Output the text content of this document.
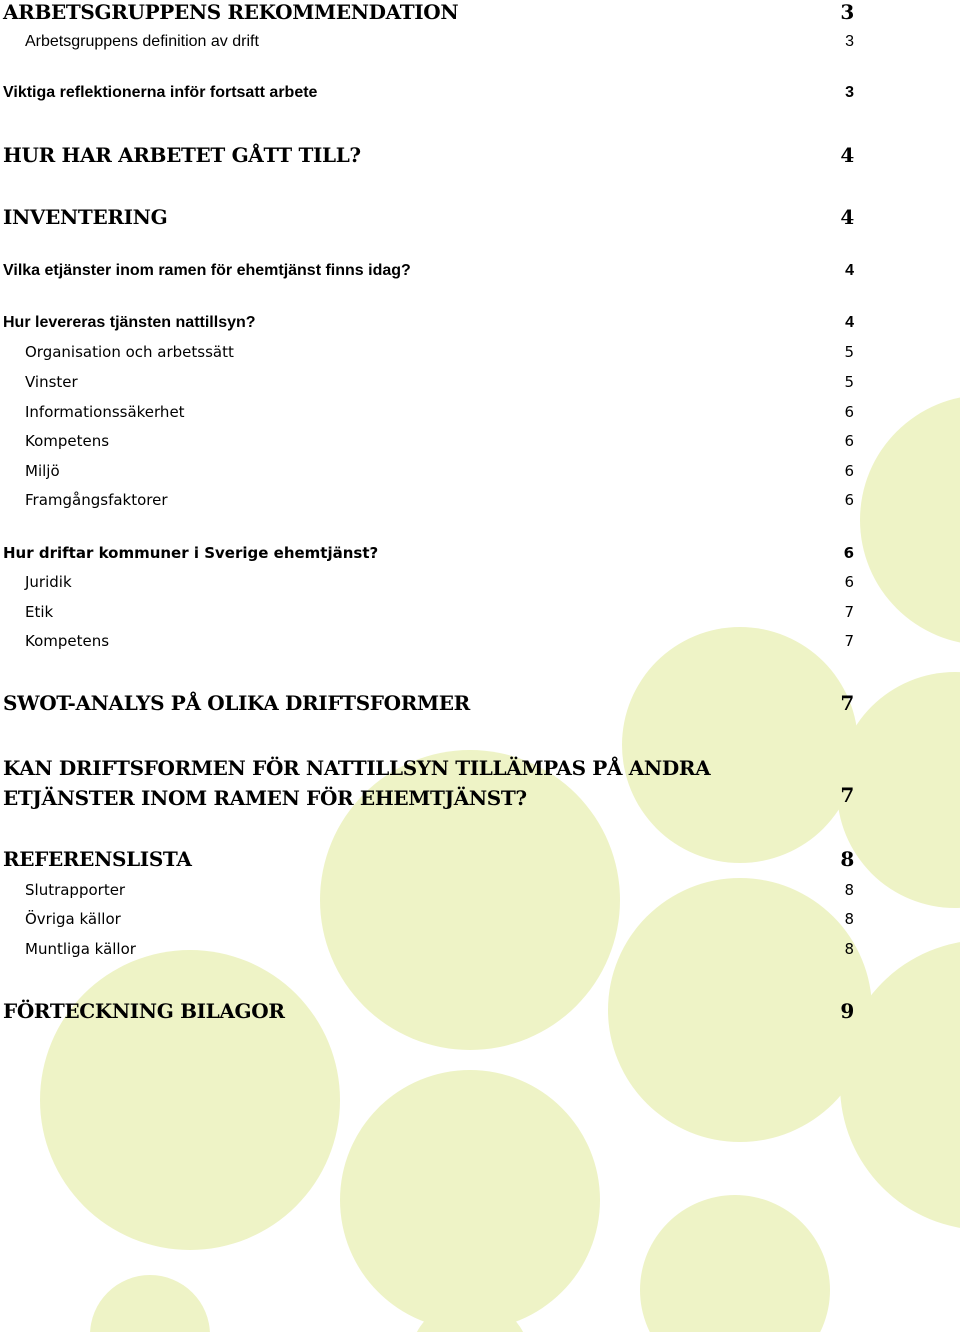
ARBETSGRUPPENS REKOMMENDATION	3
Arbetsgruppens definition av drift	3
Viktiga reflektionerna inför fortsatt arbete	3
HUR HAR ARBETET GÅTT TILL?	4
INVENTERING	4
Vilka etjänster inom ramen för ehemtjänst finns idag?	4
Hur levereras tjänsten nattillsyn?	4
Organisation och arbetssätt	5
Vinster	5
Informationssäkerhet	6
Kompetens	6
Miljö	6
Framgångsfaktorer	6
Hur driftar kommuner i Sverige ehemtjänst?	6
Juridik	6
Etik	7
Kompetens	7
SWOT-ANALYS PÅ OLIKA DRIFTSFORMER	7
KAN DRIFTSFORMEN FÖR NATTILLSYN TILLÄMPAS PÅ ANDRA ETJÄNSTER INOM RAMEN FÖR EHEMTJÄNST?	7
REFERENSLISTA	8
Slutrapporter	8
Övriga källor	8
Muntliga källor	8
FÖRTECKNING BILAGOR	9
